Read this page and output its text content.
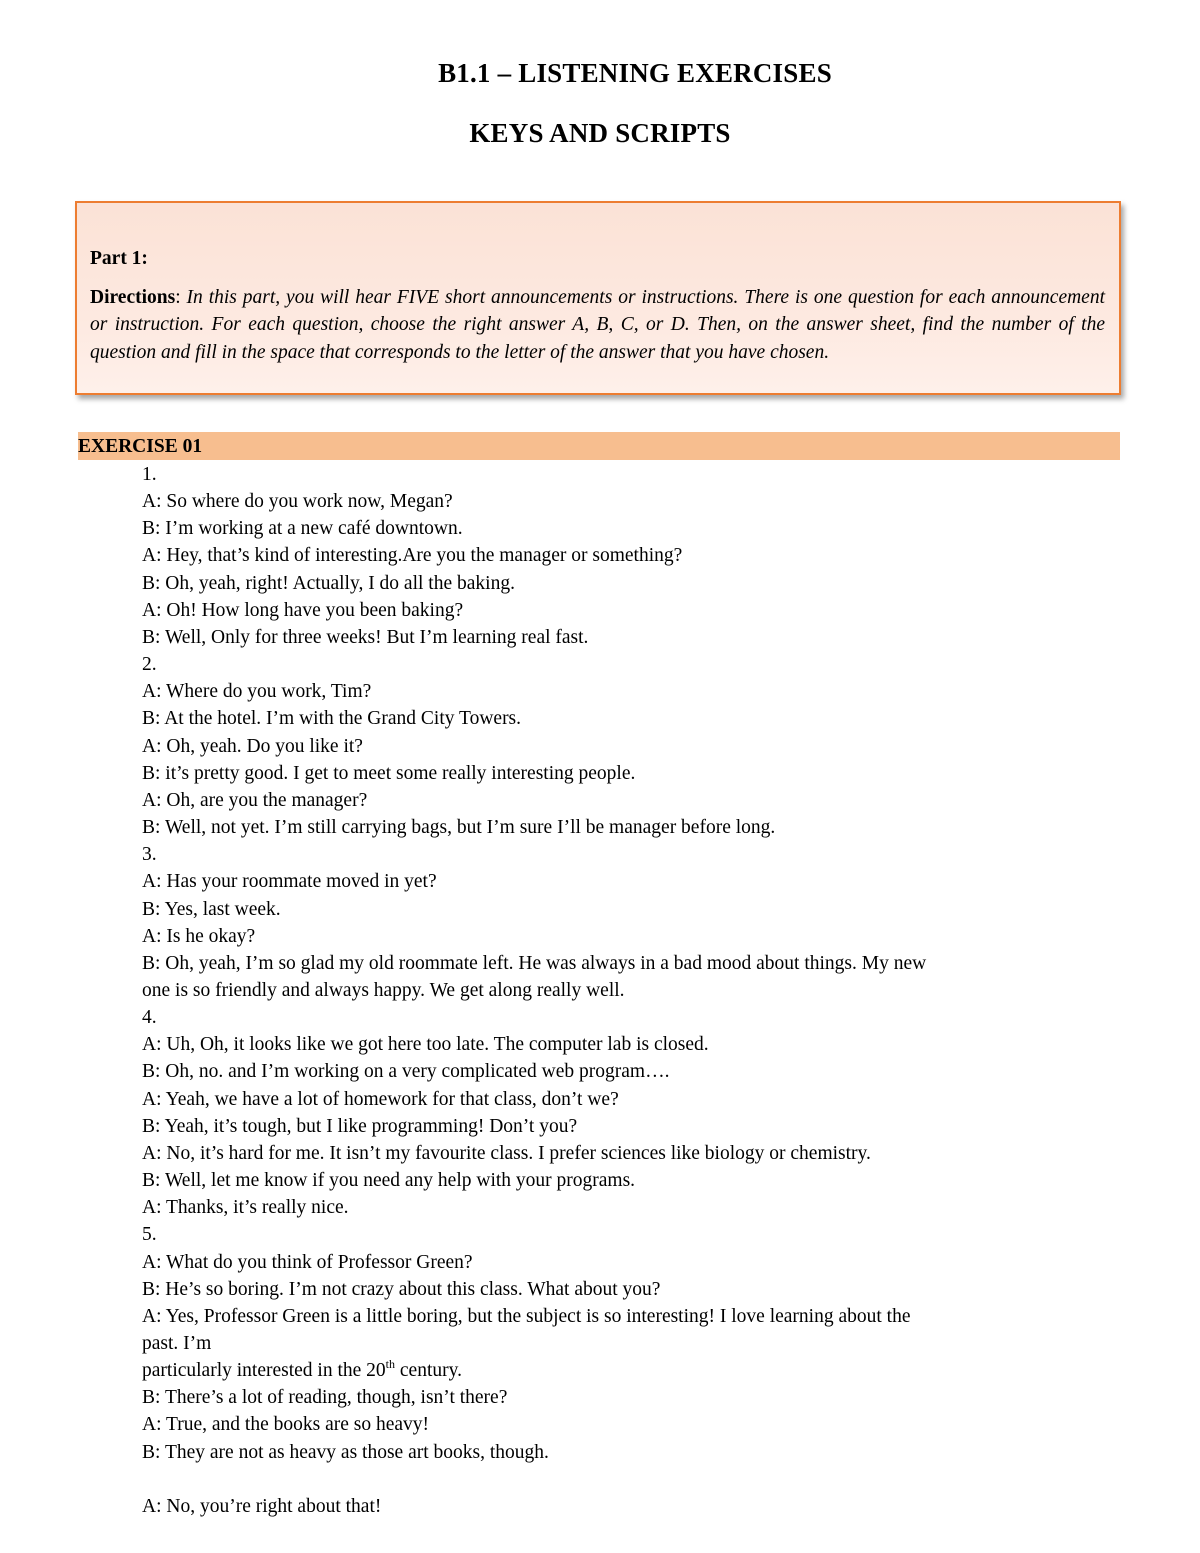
B1.1 – LISTENING EXERCISES
KEYS AND SCRIPTS
Part 1:
Directions: In this part, you will hear FIVE short announcements or instructions. There is one question for each announcement or instruction. For each question, choose the right answer A, B, C, or D. Then, on the answer sheet, find the number of the question and fill in the space that corresponds to the letter of the answer that you have chosen.
EXERCISE 01
1.
A: So where do you work now, Megan?
B: I’m working at a new café downtown.
A: Hey, that’s kind of interesting.Are you the manager or something?
B: Oh, yeah, right! Actually, I do all the baking.
A: Oh! How long have you been baking?
B: Well, Only for three weeks! But I’m learning real fast.
2.
A: Where do you work, Tim?
B: At the hotel. I’m with the Grand City Towers.
A: Oh, yeah. Do you like it?
B: it’s pretty good. I get to meet some really interesting people.
A: Oh, are you the manager?
B: Well, not yet. I’m still carrying bags, but I’m sure I’ll be manager before long.
3.
A: Has your roommate moved in yet?
B: Yes, last week.
A: Is he okay?
B: Oh, yeah, I’m so glad my old roommate left. He was always in a bad mood about things. My new
one is so friendly and always happy. We get along really well.
4.
A: Uh, Oh, it looks like we got here too late. The computer lab is closed.
B: Oh, no. and I’m working on a very complicated web program….
A: Yeah, we have a lot of homework for that class, don’t we?
B: Yeah, it’s tough, but I like programming! Don’t you?
A: No, it’s hard for me. It isn’t my favourite class. I prefer sciences like biology or chemistry.
B: Well, let me know if you need any help with your programs.
A: Thanks, it’s really nice.
5.
A: What do you think of Professor Green?
B: He’s so boring. I’m not crazy about this class. What about you?
A: Yes, Professor Green is a little boring, but the subject is so interesting! I love learning about the
past. I’m
particularly interested in the 20th century.
B: There’s a lot of reading, though, isn’t there?
A: True, and the books are so heavy!
B: They are not as heavy as those art books, though.
A: No, you’re right about that!
